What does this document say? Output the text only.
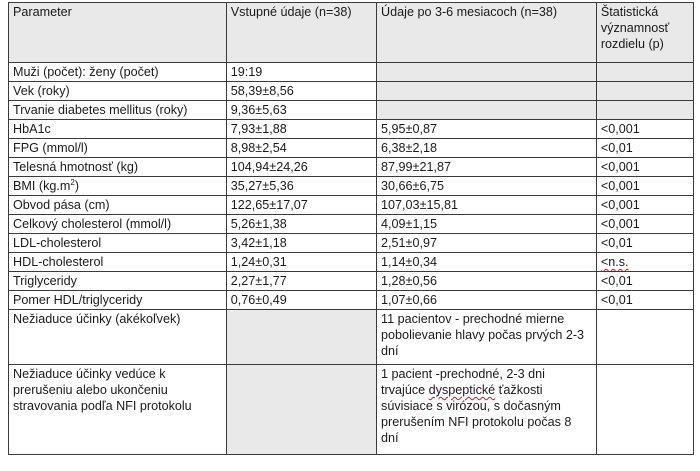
Parameter	Vstupné údaje (n=38)	Údaje po 3-6 mesiacoch (n=38)	Štatistická významnosť rozdielu (p)
Muži (počet): ženy (počet)	19:19		
Vek (roky)	58,39±8,56		
Trvanie diabetes mellitus (roky)	9,36±5,63		
HbA1c	7,93±1,88	5,95±0,87	<0,001
FPG (mmol/l)	8,98±2,54	6,38±2,18	<0,01
Telesná hmotnosť (kg)	104,94±24,26	87,99±21,87	<0,001
BMI $(kg.m^2)$	35,27±5,36	30,66±6,75	<0,001
Obvod pása (cm)	122,65±17,07	107,03±15,81	<0,001
Celkový cholesterol (mmol/l)	5,26±1,38	4,09±1,15	<0,001
LDL-cholesterol	3,42±1,18	2,51±0,97	<0,01
HDL-cholesterol	1,24±0,31	1,14±0,34	<n.s.
Triglyceridy	2,27±1,77	1,28±0,56	<0,01
Pomer HDL/triglyceridy	0,76±0,49	1,07±0,66	<0,01
Nežiaduce účinky (akékoľvek)		11 pacientov - prechodné mierne pobolievanie hlavy počas prvých 2-3 dní	
Nežiaduce účinky vedúce k prerušeniu alebo ukončeniu stravovania podľa NFI protokolu		1 pacient -prechodné, 2-3 dni trvajúce dyspeptické ťažkosti súvisiace s virózou, s dočasným prerušením NFI protokolu počas 8 dní	
